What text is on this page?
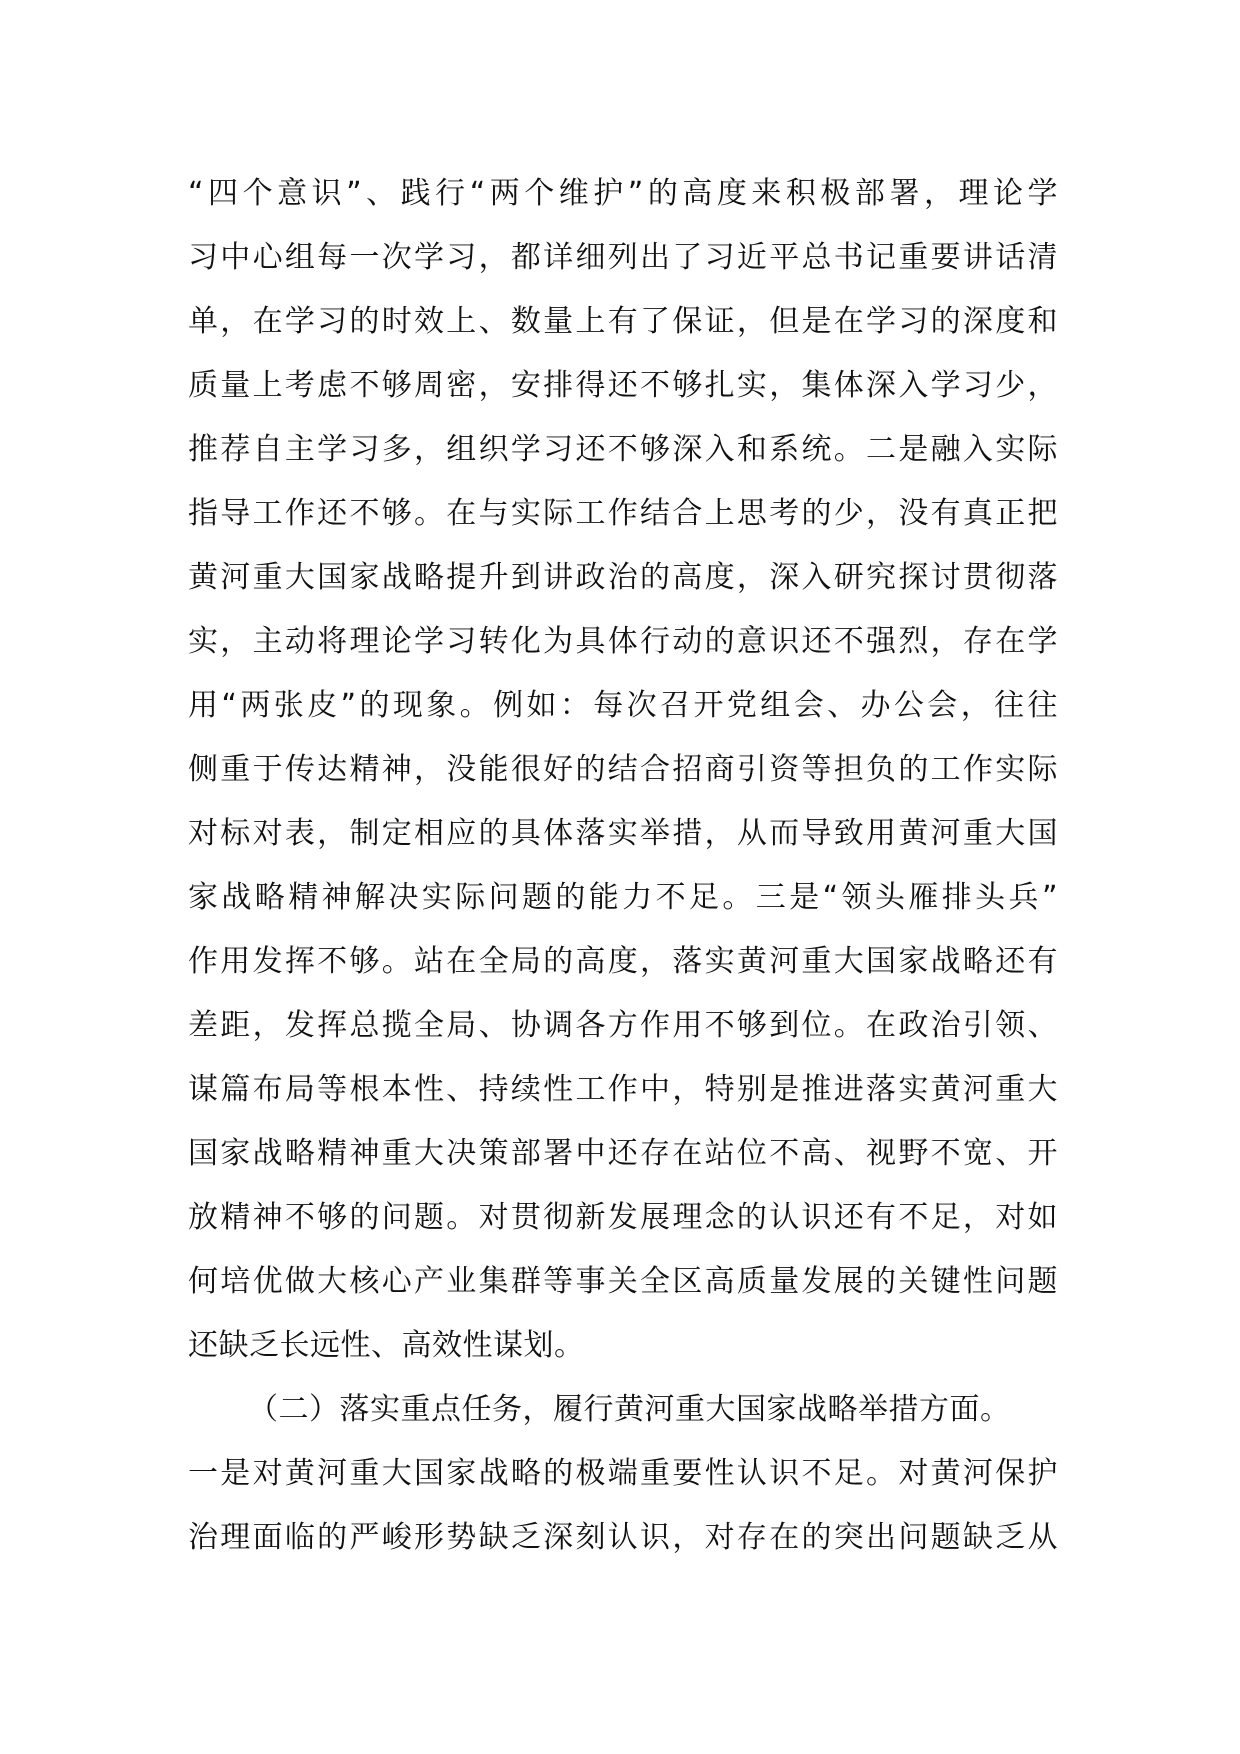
“四个意识”、践行“两个维护”的高度来积极部署，理论学
习中心组每一次学习，都详细列出了习近平总书记重要讲话清
单，在学习的时效上、数量上有了保证，但是在学习的深度和
质量上考虑不够周密，安排得还不够扎实，集体深入学习少，
推荐自主学习多，组织学习还不够深入和系统。二是融入实际
指导工作还不够。在与实际工作结合上思考的少，没有真正把
黄河重大国家战略提升到讲政治的高度，深入研究探讨贯彻落
实，主动将理论学习转化为具体行动的意识还不强烈，存在学
用“两张皮”的现象。例如：每次召开党组会、办公会，往往
侧重于传达精神，没能很好的结合招商引资等担负的工作实际
对标对表，制定相应的具体落实举措，从而导致用黄河重大国
家战略精神解决实际问题的能力不足。三是“领头雁排头兵”
作用发挥不够。站在全局的高度，落实黄河重大国家战略还有
差距，发挥总揽全局、协调各方作用不够到位。在政治引领、
谋篇布局等根本性、持续性工作中，特别是推进落实黄河重大
国家战略精神重大决策部署中还存在站位不高、视野不宽、开
放精神不够的问题。对贯彻新发展理念的认识还有不足，对如
何培优做大核心产业集群等事关全区高质量发展的关键性问题
还缺乏长远性、高效性谋划。
（二）落实重点任务，履行黄河重大国家战略举措方面。
一是对黄河重大国家战略的极端重要性认识不足。对黄河保护
治理面临的严峻形势缺乏深刻认识，对存在的突出问题缺乏从
